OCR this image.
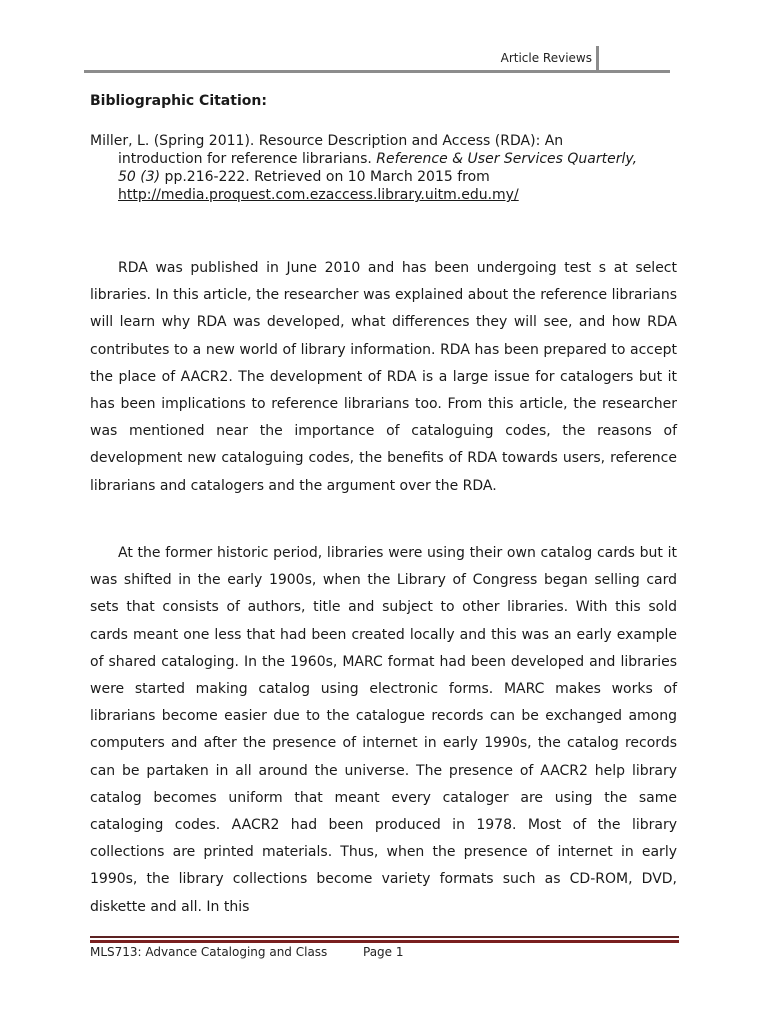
Article Reviews
Bibliographic Citation:
Miller, L. (Spring 2011). Resource Description and Access (RDA): An introduction for reference librarians. Reference & User Services Quarterly, 50 (3) pp.216-222. Retrieved on 10 March 2015 from http://media.proquest.com.ezaccess.library.uitm.edu.my/

RDA was published in June 2010 and has been undergoing test s at select libraries. In this article, the researcher was explained about the reference librarians will learn why RDA was developed, what differences they will see, and how RDA contributes to a new world of library information. RDA has been prepared to accept the place of AACR2. The development of RDA is a large issue for catalogers but it has been implications to reference librarians too. From this article, the researcher was mentioned near the importance of cataloguing codes, the reasons of development new cataloguing codes, the benefits of RDA towards users, reference librarians and catalogers and the argument over the RDA.

At the former historic period, libraries were using their own catalog cards but it was shifted in the early 1900s, when the Library of Congress began selling card sets that consists of authors, title and subject to other libraries. With this sold cards meant one less that had been created locally and this was an early example of shared cataloging. In the 1960s, MARC format had been developed and libraries were started making catalog using electronic forms. MARC makes works of librarians become easier due to the catalogue records can be exchanged among computers and after the presence of internet in early 1990s, the catalog records can be partaken in all around the universe. The presence of AACR2 help library catalog becomes uniform that meant every cataloger are using the same cataloging codes. AACR2 had been produced in 1978. Most of the library collections are printed materials. Thus, when the presence of internet in early 1990s, the library collections become variety formats such as CD-ROM, DVD, diskette and all. In this

MLS713: Advance Cataloging and Class	Page 1
